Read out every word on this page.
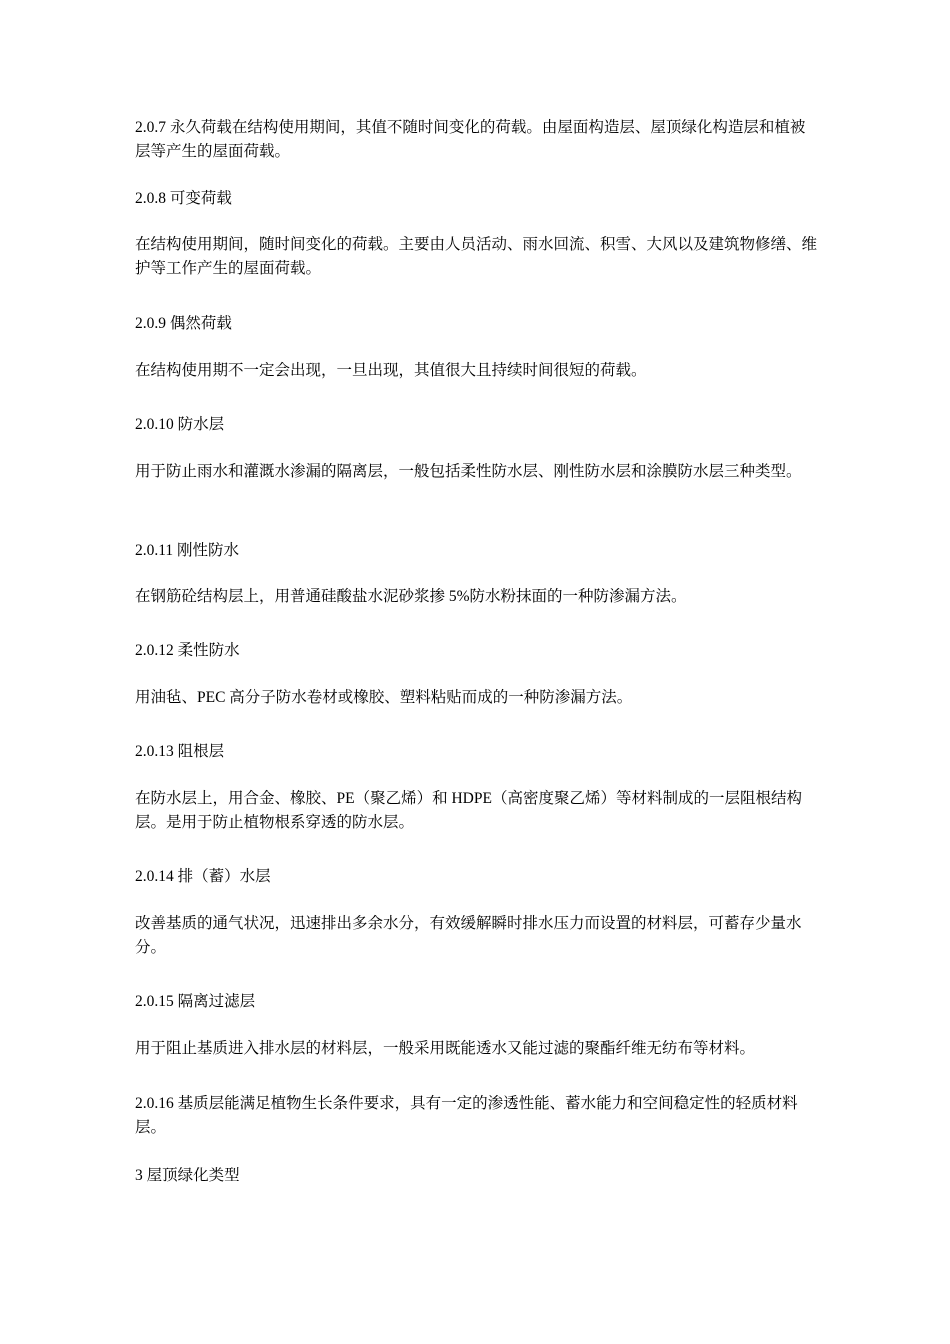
2.0.7 永久荷载在结构使用期间，其值不随时间变化的荷载。由屋面构造层、屋顶绿化构造层和植被层等产生的屋面荷载。

2.0.8 可变荷载

在结构使用期间，随时间变化的荷载。主要由人员活动、雨水回流、积雪、大风以及建筑物修缮、维护等工作产生的屋面荷载。

2.0.9 偶然荷载

在结构使用期不一定会出现，一旦出现，其值很大且持续时间很短的荷载。

2.0.10 防水层

用于防止雨水和灌溉水渗漏的隔离层，一般包括柔性防水层、刚性防水层和涂膜防水层三种类型。

2.0.11 刚性防水

在钢筋砼结构层上，用普通硅酸盐水泥砂浆掺 5%防水粉抹面的一种防渗漏方法。

2.0.12 柔性防水

用油毡、PEC 高分子防水卷材或橡胶、塑料粘贴而成的一种防渗漏方法。

2.0.13 阻根层

在防水层上，用合金、橡胶、PE（聚乙烯）和 HDPE（高密度聚乙烯）等材料制成的一层阻根结构层。是用于防止植物根系穿透的防水层。

2.0.14 排（蓄）水层

改善基质的通气状况，迅速排出多余水分，有效缓解瞬时排水压力而设置的材料层，可蓄存少量水分。

2.0.15 隔离过滤层

用于阻止基质进入排水层的材料层，一般采用既能透水又能过滤的聚酯纤维无纺布等材料。

2.0.16 基质层能满足植物生长条件要求，具有一定的渗透性能、蓄水能力和空间稳定性的轻质材料层。

3 屋顶绿化类型
